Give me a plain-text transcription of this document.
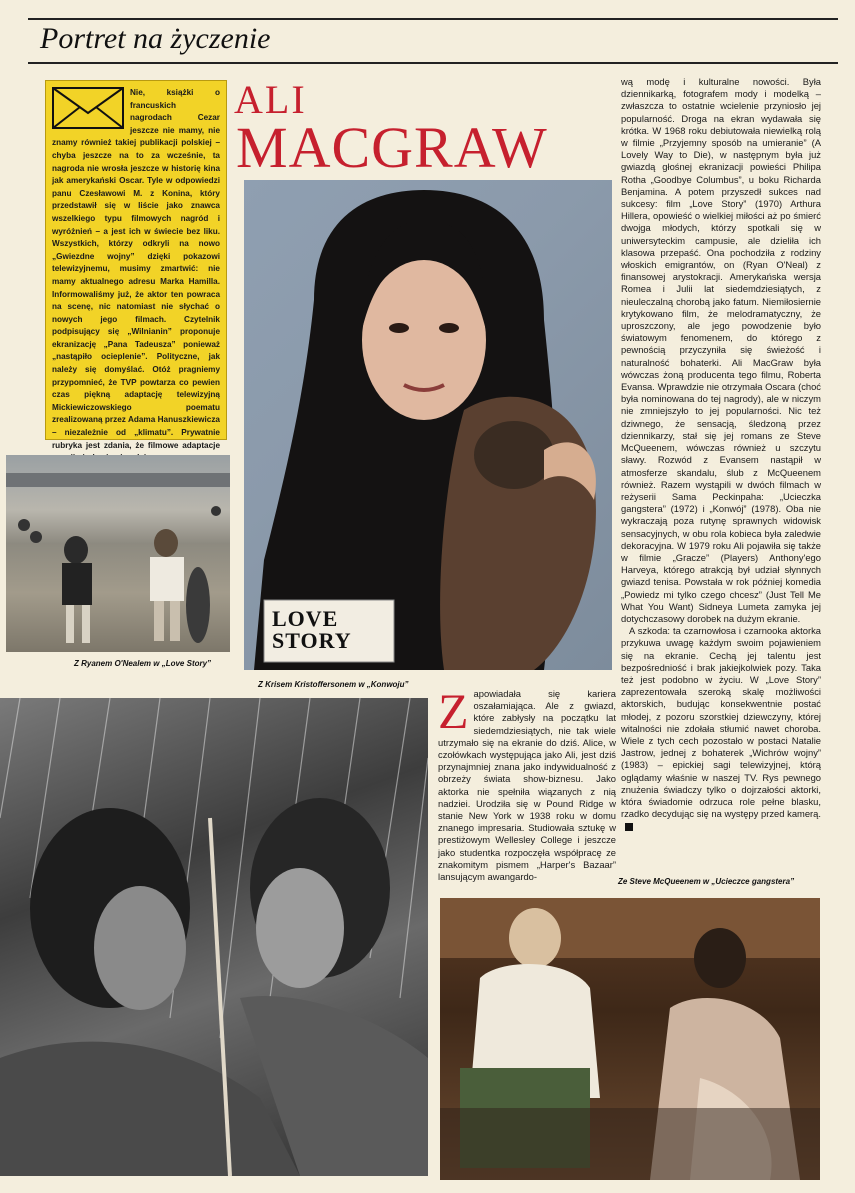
Portret na życzenie
Nie, książki o francuskich nagrodach Cezar jeszcze nie mamy, nie znamy również takiej publikacji polskiej – chyba jeszcze na to za wcześnie, ta nagroda nie wrosła jeszcze w historię kina jak amerykański Oscar. Tyle w odpowiedzi panu Czesławowi M. z Konina, który przedstawił się w liście jako znawca wszelkiego typu filmowych nagród i wyróżnień – a jest ich w świecie bez liku. Wszystkich, którzy odkryli na nowo „Gwiezdne wojny” dzięki pokazowi telewizyjnemu, musimy zmartwić: nie mamy aktualnego adresu Marka Hamilla. Informowaliśmy już, że aktor ten powraca na scenę, nic natomiast nie słychać o nowych jego filmach. Czytelnik podpisujący się „Wilnianin” proponuje ekranizację „Pana Tadeusza” ponieważ „nastąpiło ocieplenie”. Polityczne, jak należy się domyślać. Otóż pragniemy przypomnieć, że TVP powtarza co pewien czas piękną adaptację telewizyjną Mickiewiczowskiego poematu zrealizowaną przez Adama Hanuszkiewicza – niezależnie od „klimatu”. Prywatnie rubryka jest zdania, że filmowe adaptacje
Z Ryanem O'Nealem w „Love Story”
LOVE
STORY
ALI
MACGRAW
Z Krisem Kristoffersonem w „Konwoju” Zapowiadała się kariera oszałamiająca. Ale z gwiazd, które zabłysły na początku lat siedemdziesiątych, nie tak wiele utrzymało się na ekranie do dziś. Alice, w czołówkach występująca jako Ali, jest dziś przynajmniej znana jako indywidualność z obrzeży świata show-biznesu. Jako aktorka nie spełniła wiązanych z nią nadziei. Urodziła się w Pound Ridge w stanie New York w 1938 roku w domu znanego impresaria. Studiowała sztukę w prestiżowym Wellesley College i jeszcze jako studentka rozpoczęła współpracę ze znakomitym pismem „Harper's Bazaar” lansującym awangardo-

wą modę i kulturalne nowości. Była dziennikarką, fotografem mody i modelką – zwłaszcza to ostatnie wcielenie przyniosło jej popularność. Droga na ekran wydawała się krótka. W 1968 roku debiutowała niewielką rolą w filmie „Przyjemny sposób na umieranie” (A Lovely Way to Die), w następnym była już gwiazdą głośnej ekranizacji powieści Philipa Rotha „Goodbye Columbus”, u boku Richarda Benjamina. A potem przyszedł sukces nad sukcesy: film „Love Story” (1970) Arthura Hillera, opowieść o wielkiej miłości aż po śmierć dwojga młodych, którzy spotkali się w uniwersyteckim campusie, ale dzieliła ich klasowa przepaść. Ona pochodziła z rodziny włoskich emigrantów, on (Ryan O'Neal) z finansowej arystokracji. Amerykańska wersja Romea i Julii lat siedemdziesiątych, z nieuleczalną chorobą jako fatum. Niemiłosiernie krytykowano film, że melodramatyczny, że uproszczony, ale jego powodzenie było światowym fenomenem, do którego z pewnością przyczyniła się świeżość i naturalność bohaterki. Ali MacGraw była wówczas żoną producenta tego filmu, Roberta Evansa. Wprawdzie nie otrzymała Oscara (choć była nominowana do tej nagrody), ale w niczym nie zmniejszyło to jej popularności. Nic też dziwnego, że sensacją, śledzoną przez dziennikarzy, stał się jej romans ze Steve McQueenem, wówczas również u szczytu sławy. Rozwód z Evansem nastąpił w atmosferze skandalu, ślub z McQueenem również. Razem wystąpili w dwóch filmach w reżyserii Sama Peckinpaha: „Ucieczka gangstera” (1972) i „Konwój” (1978). Oba nie wykraczają poza rutynę sprawnych widowisk sensacyjnych, w obu rola kobieca była zaledwie dekoracyjna. W 1979 roku Ali pojawiła się także w filmie „Gracze” (Players) Anthony'ego Harveya, którego atrakcją był udział słynnych gwiazd tenisa. Powstała w rok później komedia „Powiedz mi tylko czego chcesz” (Just Tell Me What You Want) Sidneya Lumeta zamyka jej dotychczasowy dorobek na dużym ekranie.

A szkoda: ta czarnowłosa i czarnooka aktorka przykuwa uwagę każdym swoim pojawieniem się na ekranie. Cechą jej talentu jest bezpośredniość i brak jakiejkolwiek pozy. Taka też jest podobno w życiu. W „Love Story” zaprezentowała szeroką skalę możliwości aktorskich, budując konsekwentnie postać młodej, z pozoru szorstkiej dziewczyny, której witalności nie zdołała stłumić nawet choroba. Wiele z tych cech pozostało w postaci Natalie Jastrow, jednej z bohaterek „Wichrów wojny” (1983) – epickiej sagi telewizyjnej, którą oglądamy właśnie w naszej TV. Rys pewnego znużenia świadczy tylko o dojrzałości aktorki, która świadomie odrzuca role pełne blasku, rzadko decydując się na występy przed kamerą.

Ze Steve McQueenem w „Ucieczce gangstera”
